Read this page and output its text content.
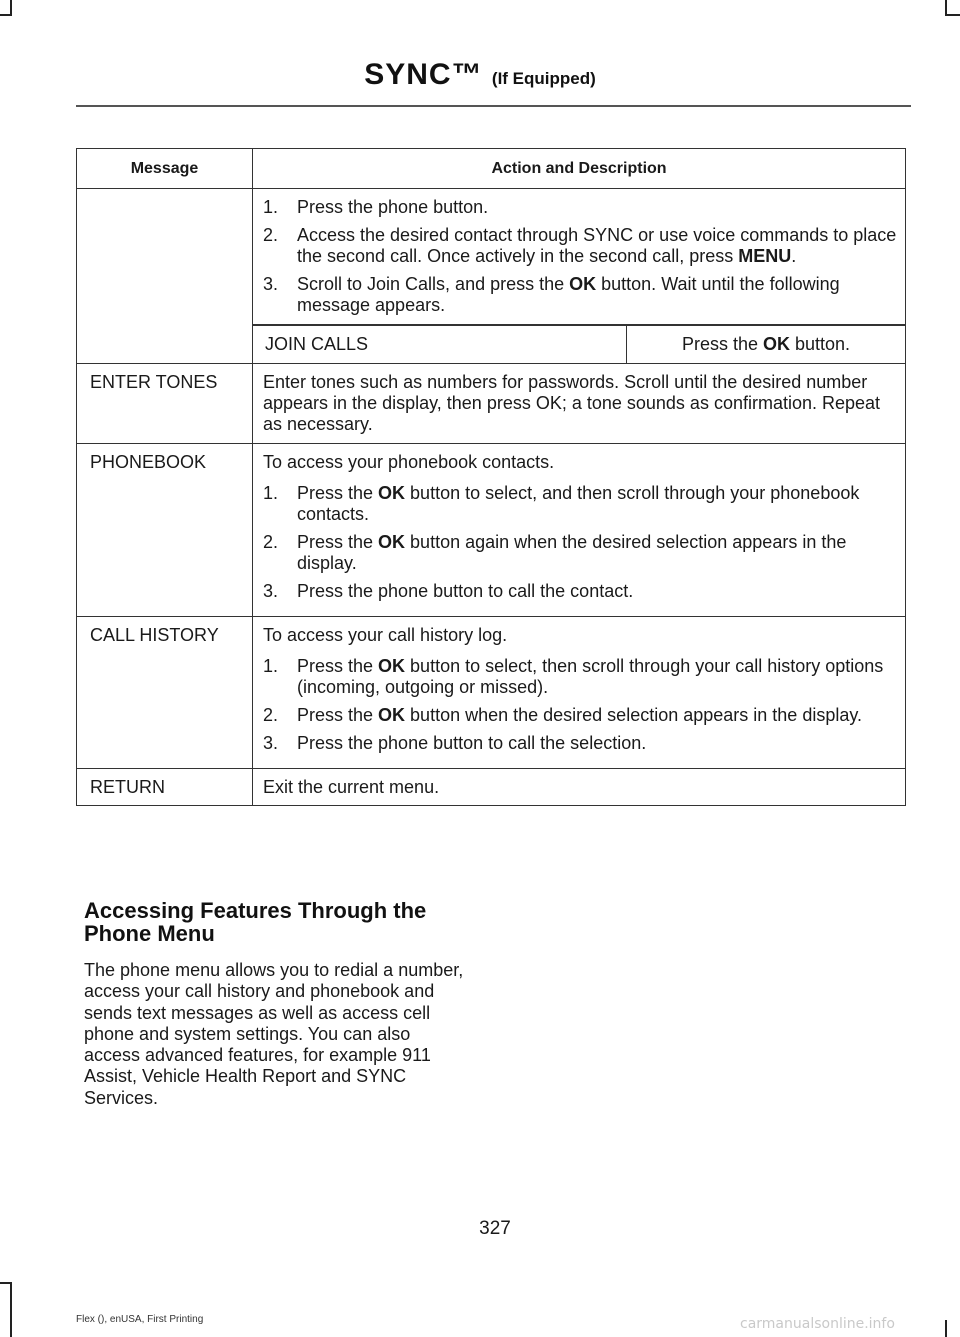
SYNC™ (If Equipped)
Message	Action and Description

1. Press the phone button.
2. Access the desired contact through SYNC or use voice commands to place the second call. Once actively in the second call, press MENU.
3. Scroll to Join Calls, and press the OK button. Wait until the following message appears.

JOIN CALLS	Press the OK button.

ENTER TONES	Enter tones such as numbers for passwords. Scroll until the desired number appears in the display, then press OK; a tone sounds as confirmation. Repeat as necessary.
PHONEBOOK	To access your phonebook contacts.
1. Press the OK button to select, and then scroll through your phonebook contacts.
2. Press the OK button again when the desired selection appears in the display.
3. Press the phone button to call the contact.

CALL HISTORY	To access your call history log.
1. Press the OK button to select, then scroll through your call history options (incoming, outgoing or missed).
2. Press the OK button when the desired selection appears in the display.
3. Press the phone button to call the selection.

RETURN	Exit the current menu.
Accessing Features Through the Phone Menu

The phone menu allows you to redial a number, access your call history and phonebook and sends text messages as well as access cell phone and system settings. You can also access advanced features, for example 911 Assist, Vehicle Health Report and SYNC Services.

327
Flex (), enUSA, First Printing	carmanualsonline.info
